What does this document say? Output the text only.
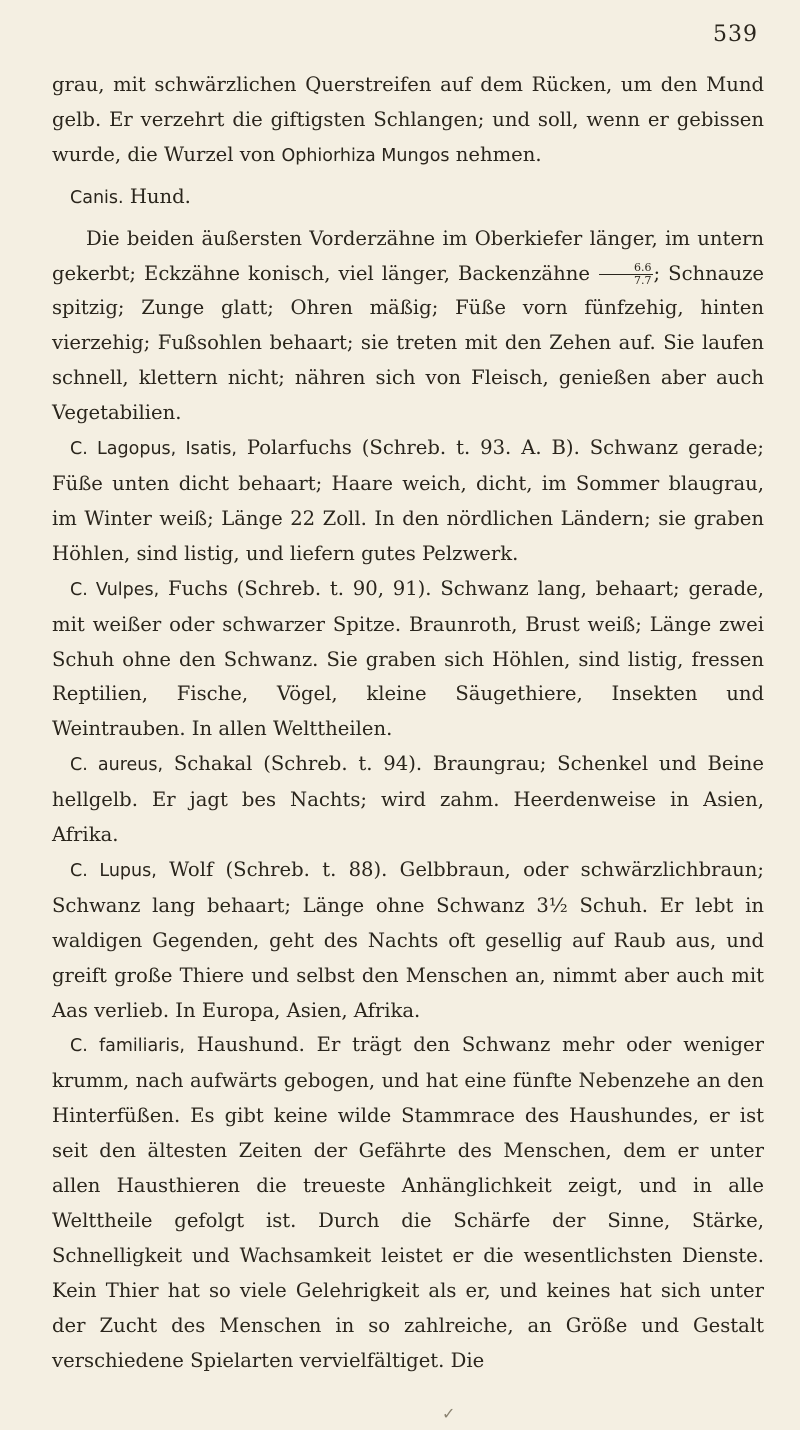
539

grau, mit schwärzlichen Querstreifen auf dem Rücken, um den Mund gelb. Er verzehrt die giftigsten Schlangen; und soll, wenn er gebissen wurde, die Wurzel von Ophiorhiza Mungos nehmen.

Canis. Hund.

Die beiden äußersten Vorderzähne im Oberkiefer länger, im untern gekerbt; Eckzähne konisch, viel länger, Backenzähne $\frac{6.6}{7.7}$ ; Schnauze spitzig; Zunge glatt; Ohren mäßig; Füße vorn fünfzehig, hinten vierzehig; Fußsohlen behaart; sie treten mit den Zehen auf. Sie laufen schnell, klettern nicht; nähren sich von Fleisch, genießen aber auch Vegetabilien.

C. Lagopus, Isatis, Polarfuchs (Schreb. t. 93. A. B). Schwanz gerade; Füße unten dicht behaart; Haare weich, dicht, im Sommer blaugrau, im Winter weiß; Länge 22 Zoll. In den nördlichen Ländern; sie graben Höhlen, sind listig, und liefern gutes Pelzwerk.

C. Vulpes, Fuchs (Schreb. t. 90, 91). Schwanz lang, behaart; gerade, mit weißer oder schwarzer Spitze. Braunroth, Brust weiß; Länge zwei Schuh ohne den Schwanz. Sie graben sich Höhlen, sind listig, fressen Reptilien, Fische, Vögel, kleine Säugethiere, Insekten und Weintrauben. In allen Welttheilen.

C. aureus, Schakal (Schreb. t. 94). Braungrau; Schenkel und Beine hellgelb. Er jagt bes Nachts; wird zahm. Heerdenweise in Asien, Afrika.

C. Lupus, Wolf (Schreb. t. 88). Gelbbraun, oder schwärzlichbraun; Schwanz lang behaart; Länge ohne Schwanz 3½ Schuh. Er lebt in waldigen Gegenden, geht des Nachts oft gesellig auf Raub aus, und greift große Thiere und selbst den Menschen an, nimmt aber auch mit Aas verlieb. In Europa, Asien, Afrika.

C. familiaris, Haushund. Er trägt den Schwanz mehr oder weniger krumm, nach aufwärts gebogen, und hat eine fünfte Nebenzehe an den Hinterfüßen. Es gibt keine wilde Stammrace des Haushundes, er ist seit den ältesten Zeiten der Gefährte des Menschen, dem er unter allen Hausthieren die treueste Anhänglichkeit zeigt, und in alle Welttheile gefolgt ist. Durch die Schärfe der Sinne, Stärke, Schnelligkeit und Wachsamkeit leistet er die wesentlichsten Dienste. Kein Thier hat so viele Gelehrigkeit als er, und keines hat sich unter der Zucht des Menschen in so zahlreiche, an Größe und Gestalt verschiedene Spielarten vervielfältiget. Die

✓
